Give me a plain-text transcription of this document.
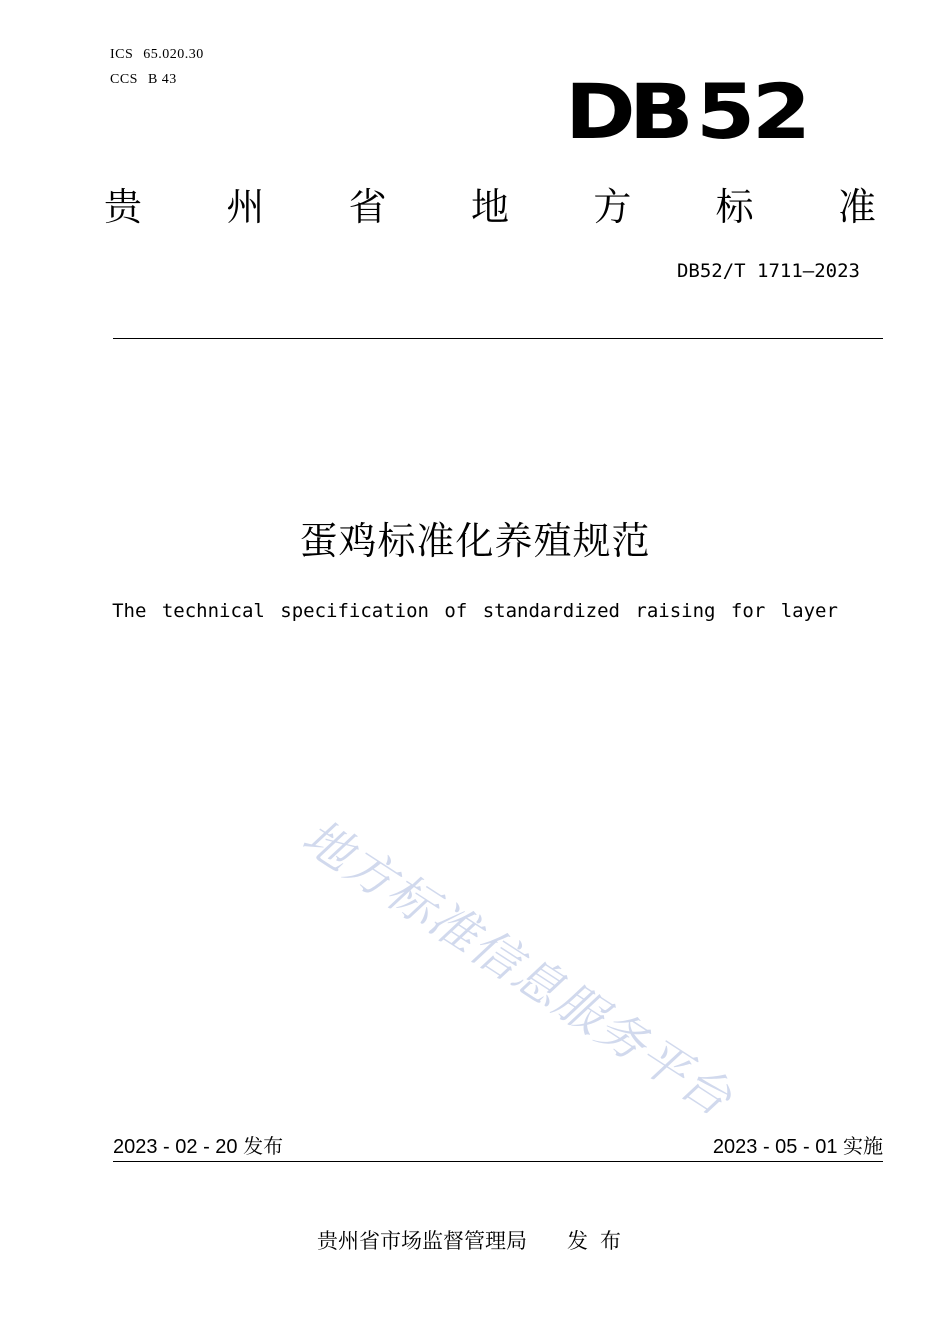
ICS 65.020.30
CCS B 43	DB 52
贵 州 省 地 方 标 准
DB52/T 1711—2023
蛋鸡标准化养殖规范
The technical specification of standardized raising for layer
地方标准信息服务平台
2023 - 02 - 20 发布	2023 - 05 - 01 实施
贵州省市场监督管理局 发布
